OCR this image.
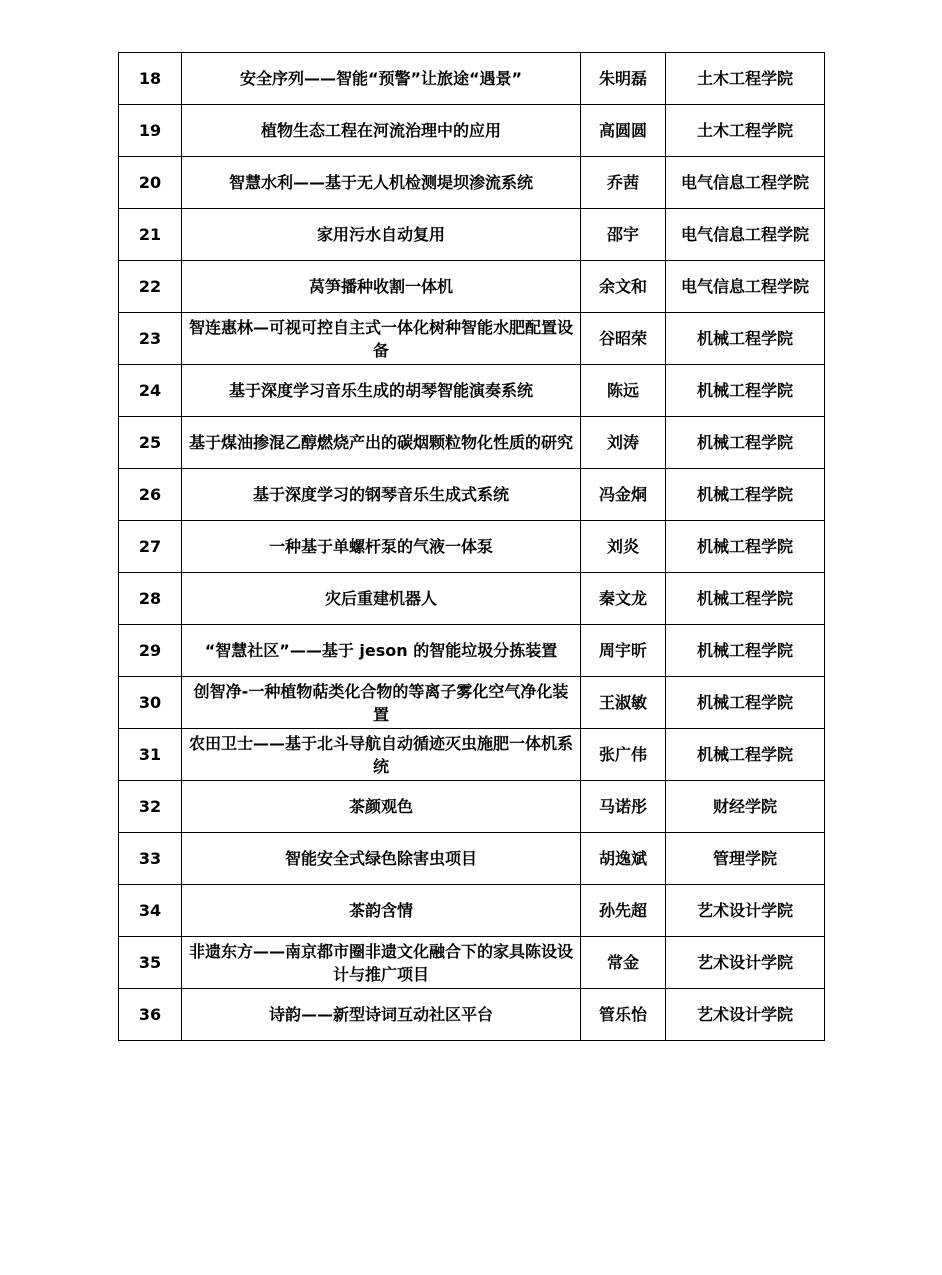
18	安全序列——智能“预警”让旅途“遇景”	朱明磊	土木工程学院
19	植物生态工程在河流治理中的应用	高圆圆	土木工程学院
20	智慧水利——基于无人机检测堤坝渗流系统	乔茜	电气信息工程学院
21	家用污水自动复用	邵宇	电气信息工程学院
22	莴笋播种收割一体机	余文和	电气信息工程学院
23	智连惠林—可视可控自主式一体化树种智能水肥配置设备	谷昭荣	机械工程学院
24	基于深度学习音乐生成的胡琴智能演奏系统	陈远	机械工程学院
25	基于煤油掺混乙醇燃烧产出的碳烟颗粒物化性质的研究	刘涛	机械工程学院
26	基于深度学习的钢琴音乐生成式系统	冯金烔	机械工程学院
27	一种基于单螺杆泵的气液一体泵	刘炎	机械工程学院
28	灾后重建机器人	秦文龙	机械工程学院
29	“智慧社区”——基于 jeson 的智能垃圾分拣装置	周宇昕	机械工程学院
30	创智净-一种植物萜类化合物的等离子雾化空气净化装置	王淑敏	机械工程学院
31	农田卫士——基于北斗导航自动循迹灭虫施肥一体机系统	张广伟	机械工程学院
32	茶颜观色	马诺彤	财经学院
33	智能安全式绿色除害虫项目	胡逸斌	管理学院
34	茶韵含情	孙先超	艺术设计学院
35	非遗东方——南京都市圈非遗文化融合下的家具陈设设计与推广项目	常金	艺术设计学院
36	诗韵——新型诗词互动社区平台	管乐怡	艺术设计学院
